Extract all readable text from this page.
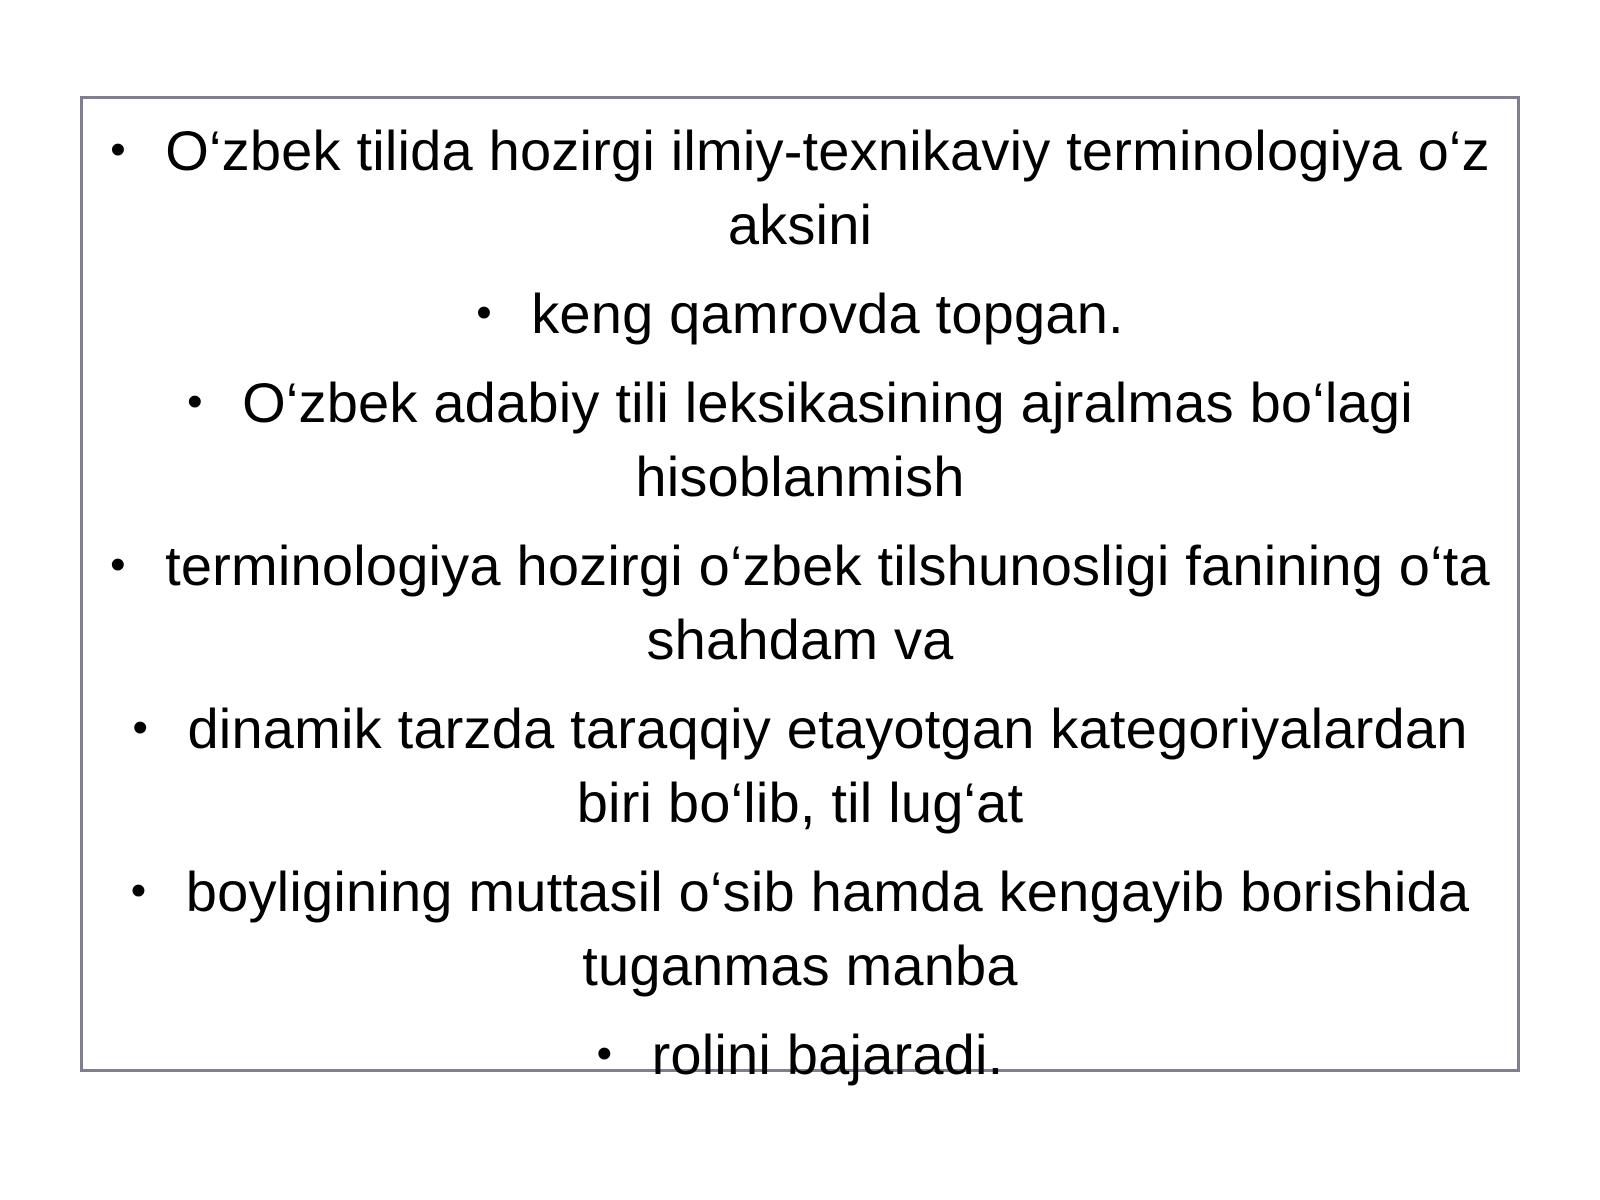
• O‘zbek tilida hozirgi ilmiy-texnikaviy terminologiya o‘z aksini
• keng qamrovda topgan.
• O‘zbek adabiy tili leksikasining ajralmas bo‘lagi hisoblanmish
• terminologiya hozirgi o‘zbek tilshunosligi fanining o‘ta shahdam va
• dinamik tarzda taraqqiy etayotgan kategoriyalardan biri bo‘lib, til lug‘at
• boyligining muttasil o‘sib hamda kengayib borishida tuganmas manba
• rolini bajaradi.
